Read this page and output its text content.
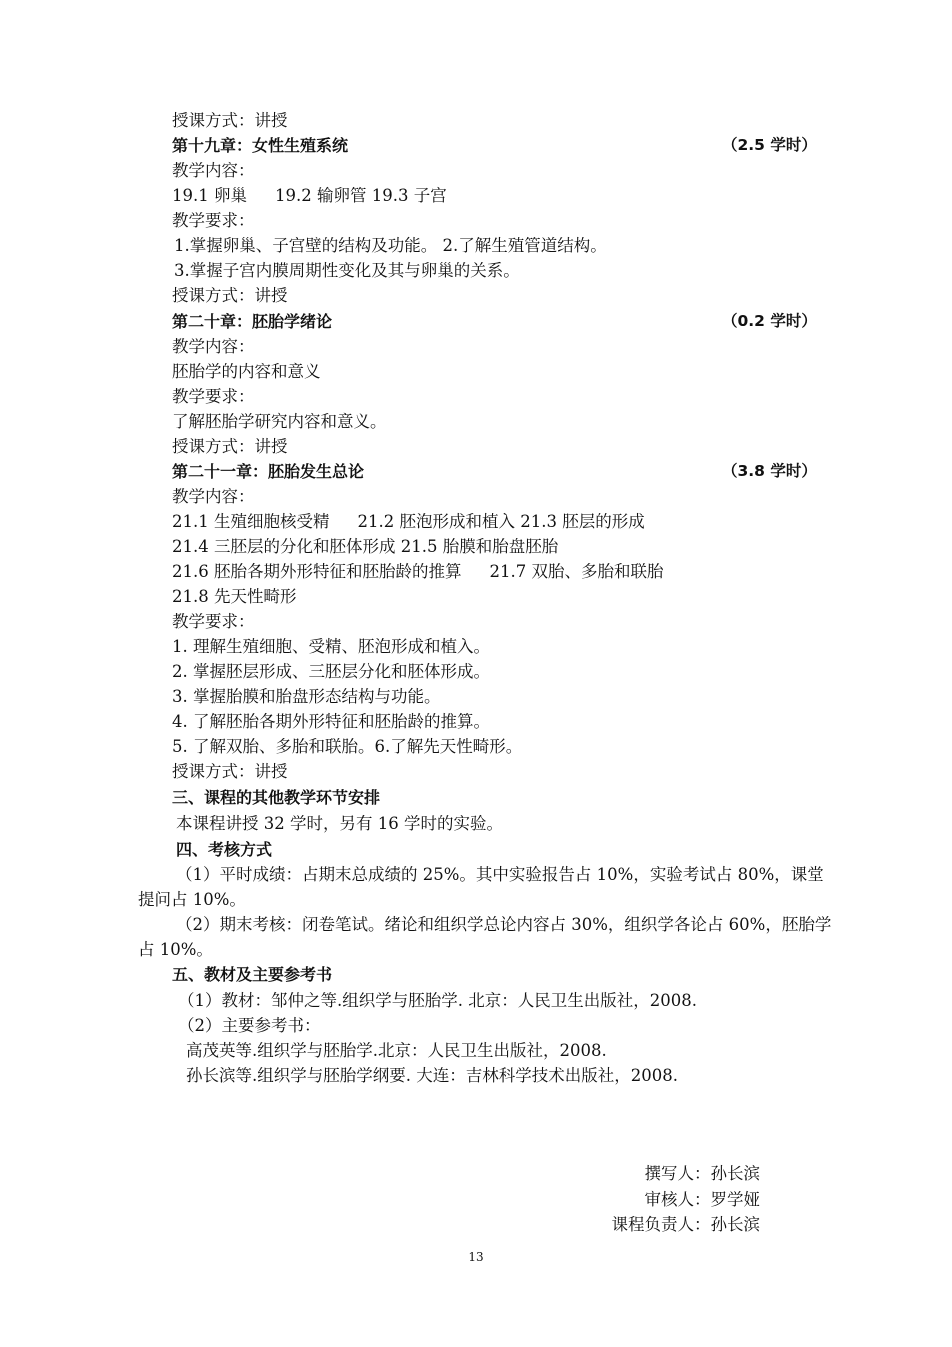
授课方式：讲授
第十九章：女性生殖系统	（2.5 学时）
教学内容：
19.1 卵巢 19.2 输卵管 19.3 子宫
教学要求：
1.掌握卵巢、子宫壁的结构及功能。 2.了解生殖管道结构。
3.掌握子宫内膜周期性变化及其与卵巢的关系。
授课方式：讲授
第二十章：胚胎学绪论	（0.2 学时）
教学内容：
胚胎学的内容和意义
教学要求：
了解胚胎学研究内容和意义。
授课方式：讲授
第二十一章：胚胎发生总论	（3.8 学时）
教学内容：
21.1 生殖细胞核受精 21.2 胚泡形成和植入 21.3 胚层的形成
21.4 三胚层的分化和胚体形成 21.5 胎膜和胎盘胚胎
21.6 胚胎各期外形特征和胚胎龄的推算 21.7 双胎、多胎和联胎
21.8 先天性畸形
教学要求：
1. 理解生殖细胞、受精、胚泡形成和植入。
2. 掌握胚层形成、三胚层分化和胚体形成。
3. 掌握胎膜和胎盘形态结构与功能。
4. 了解胚胎各期外形特征和胚胎龄的推算。
5. 了解双胎、多胎和联胎。6.了解先天性畸形。
授课方式：讲授
三、课程的其他教学环节安排
本课程讲授 32 学时，另有 16 学时的实验。
四、考核方式
（1）平时成绩：占期末总成绩的 25%。其中实验报告占 10%，实验考试占 80%，课堂提问占 10%。
（2）期末考核：闭卷笔试。绪论和组织学总论内容占 30%，组织学各论占 60%，胚胎学占 10%。
五、教材及主要参考书
（1）教材：邹仲之等.组织学与胚胎学. 北京：人民卫生出版社，2008.
（2）主要参考书：
高茂英等.组织学与胚胎学.北京：人民卫生出版社，2008.
孙长滨等.组织学与胚胎学纲要. 大连：吉林科学技术出版社，2008.
撰写人：孙长滨
审核人：罗学娅
课程负责人：孙长滨
13
